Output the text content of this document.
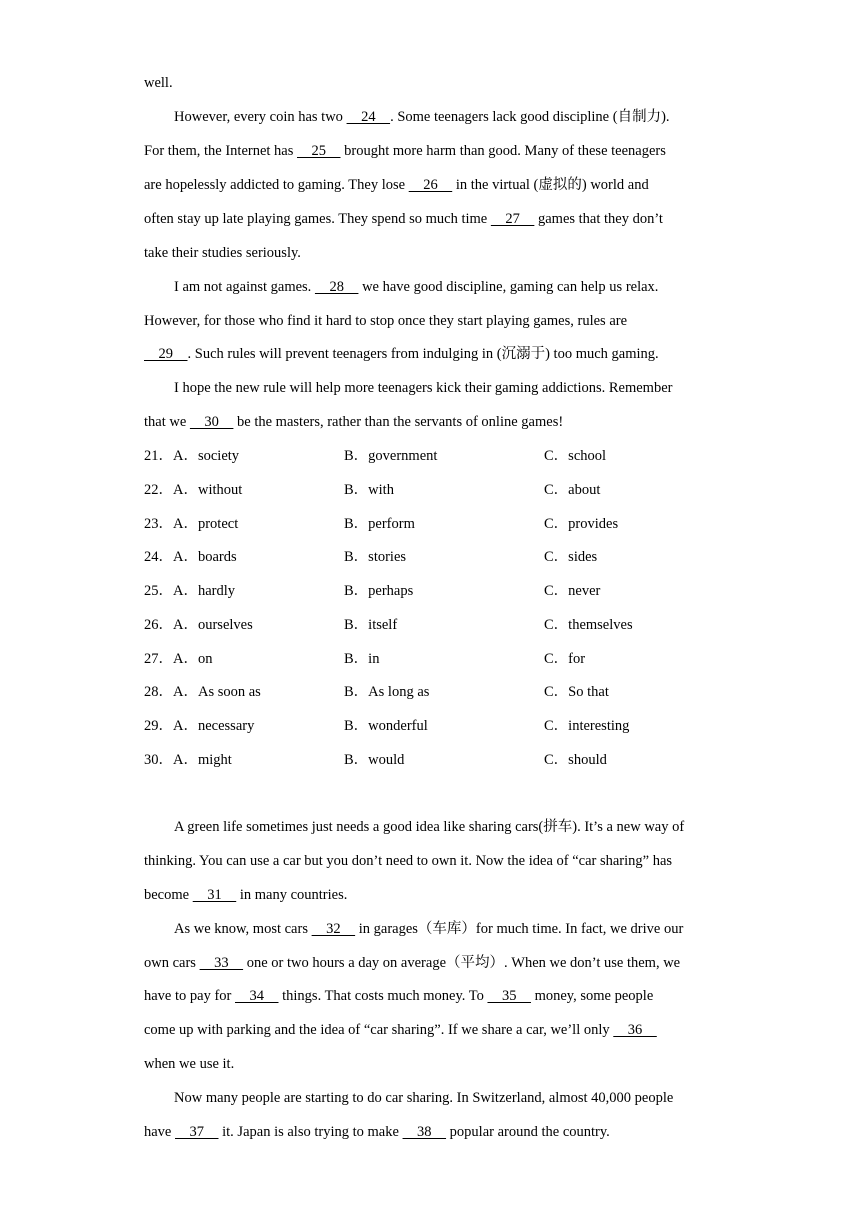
well.
However, every coin has two     24    . Some teenagers lack good discipline (自制力).
For them, the Internet has     25     brought more harm than good. Many of these teenagers
are hopelessly addicted to gaming. They lose     26     in the virtual (虚拟的) world and
often stay up late playing games. They spend so much time     27     games that they don’t
take their studies seriously.
I am not against games.     28     we have good discipline, gaming can help us relax.
However, for those who find it hard to stop once they start playing games, rules are
29    . Such rules will prevent teenagers from indulging in (沉溺于) too much gaming.
I hope the new rule will help more teenagers kick their gaming addictions. Remember
that we     30     be the masters, rather than the servants of online games!
21．A．society	B．government	C．school
22．A．without	B．with	C．about
23．A．protect	B．perform	C．provides
24．A．boards	B．stories	C．sides
25．A．hardly	B．perhaps	C．never
26．A．ourselves	B．itself	C．themselves
27．A．on	B．in	C．for
28．A．As soon as	B．As long as	C．So that
29．A．necessary	B．wonderful	C．interesting
30．A．might	B．would	C．should
A green life sometimes just needs a good idea like sharing cars(拼车). It’s a new way of
thinking. You can use a car but you don’t need to own it. Now the idea of “car sharing” has
become     31     in many countries.
As we know, most cars     32     in garages（车库）for much time. In fact, we drive our
own cars     33     one or two hours a day on average（平均）. When we don’t use them, we
have to pay for     34     things. That costs much money. To     35     money, some people
come up with parking and the idea of “car sharing”. If we share a car, we’ll only     36
when we use it.
Now many people are starting to do car sharing. In Switzerland, almost 40,000 people
have     37     it. Japan is also trying to make     38     popular around the country.
